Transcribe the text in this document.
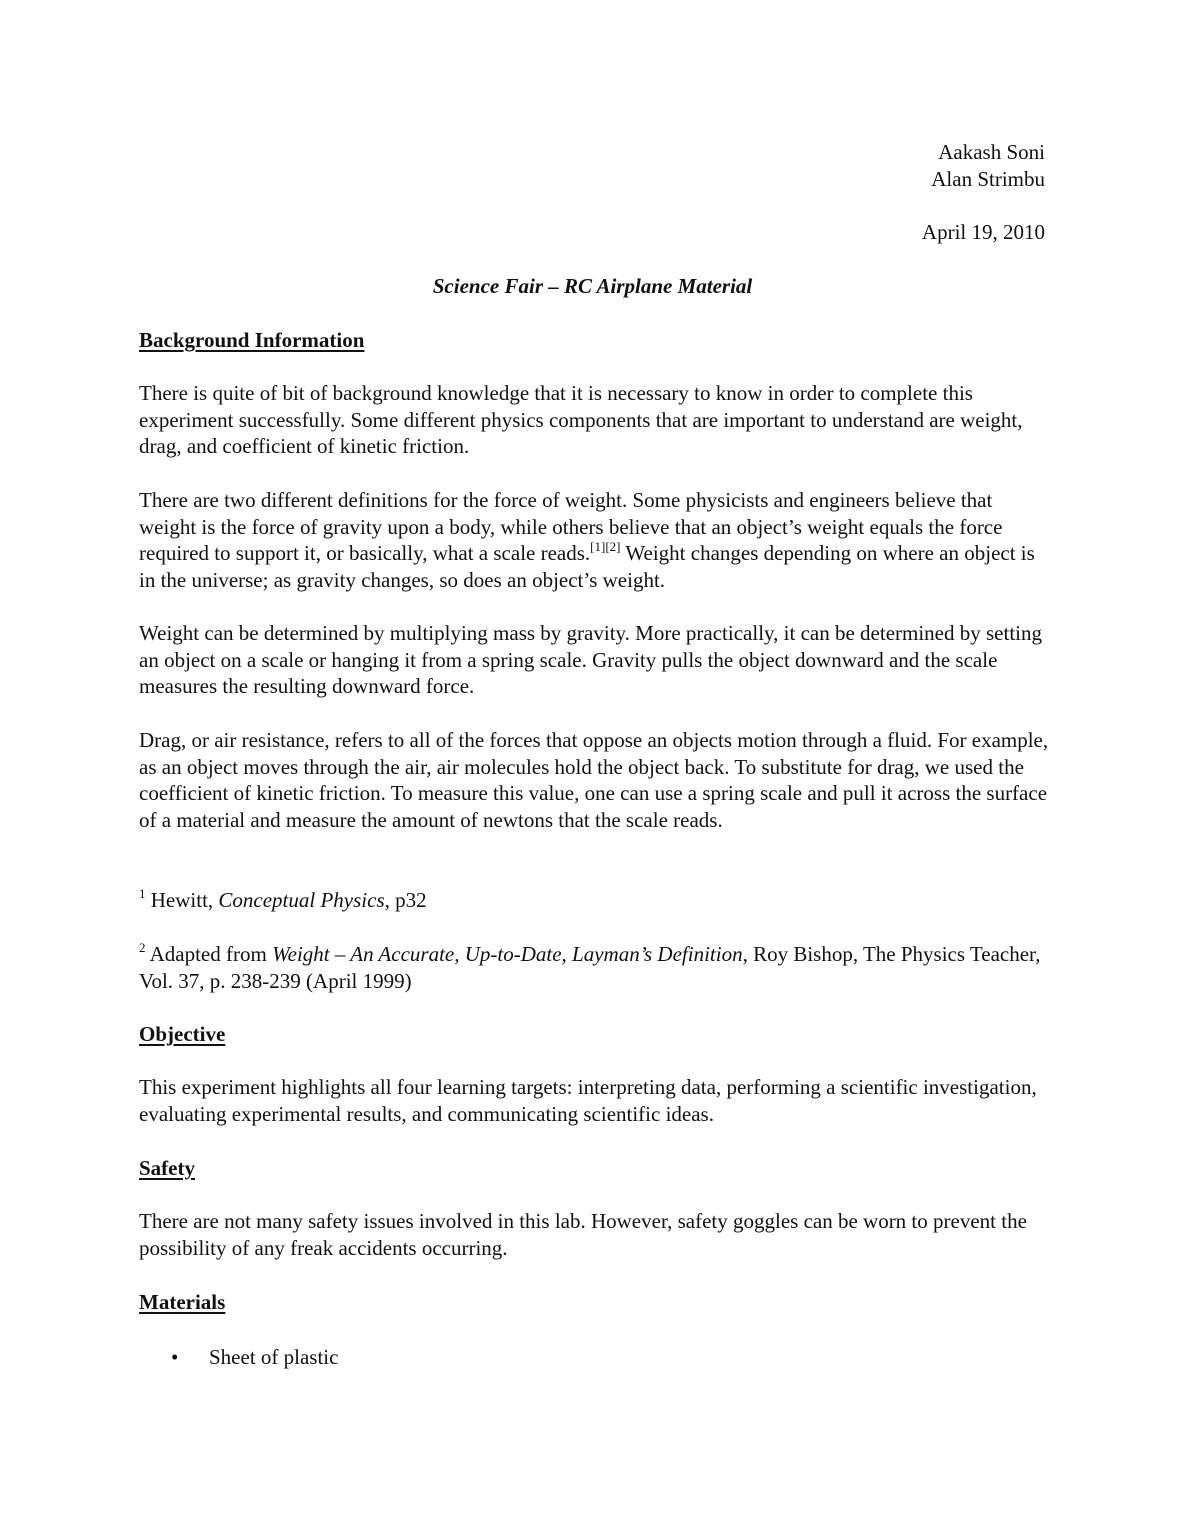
Aakash Soni
Alan Strimbu
April 19, 2010
Science Fair – RC Airplane Material
Background Information

There is quite of bit of background knowledge that it is necessary to know in order to complete this experiment successfully. Some different physics components that are important to understand are weight, drag, and coefficient of kinetic friction.

There are two different definitions for the force of weight. Some physicists and engineers believe that weight is the force of gravity upon a body, while others believe that an object’s weight equals the force required to support it, or basically, what a scale reads.[1][2] Weight changes depending on where an object is in the universe; as gravity changes, so does an object’s weight.

Weight can be determined by multiplying mass by gravity. More practically, it can be determined by setting an object on a scale or hanging it from a spring scale. Gravity pulls the object downward and the scale measures the resulting downward force.

Drag, or air resistance, refers to all of the forces that oppose an objects motion through a fluid. For example, as an object moves through the air, air molecules hold the object back. To substitute for drag, we used the coefficient of kinetic friction. To measure this value, one can use a spring scale and pull it across the surface of a material and measure the amount of newtons that the scale reads.

$^1$ Hewitt, Conceptual Physics, p32

$^2$ Adapted from Weight – An Accurate, Up-to-Date, Layman’s Definition, Roy Bishop, The Physics Teacher, Vol. 37, p. 238-239 (April 1999)

Objective

This experiment highlights all four learning targets: interpreting data, performing a scientific investigation, evaluating experimental results, and communicating scientific ideas.

Safety

There are not many safety issues involved in this lab. However, safety goggles can be worn to prevent the possibility of any freak accidents occurring.

Materials
• Sheet of plastic
